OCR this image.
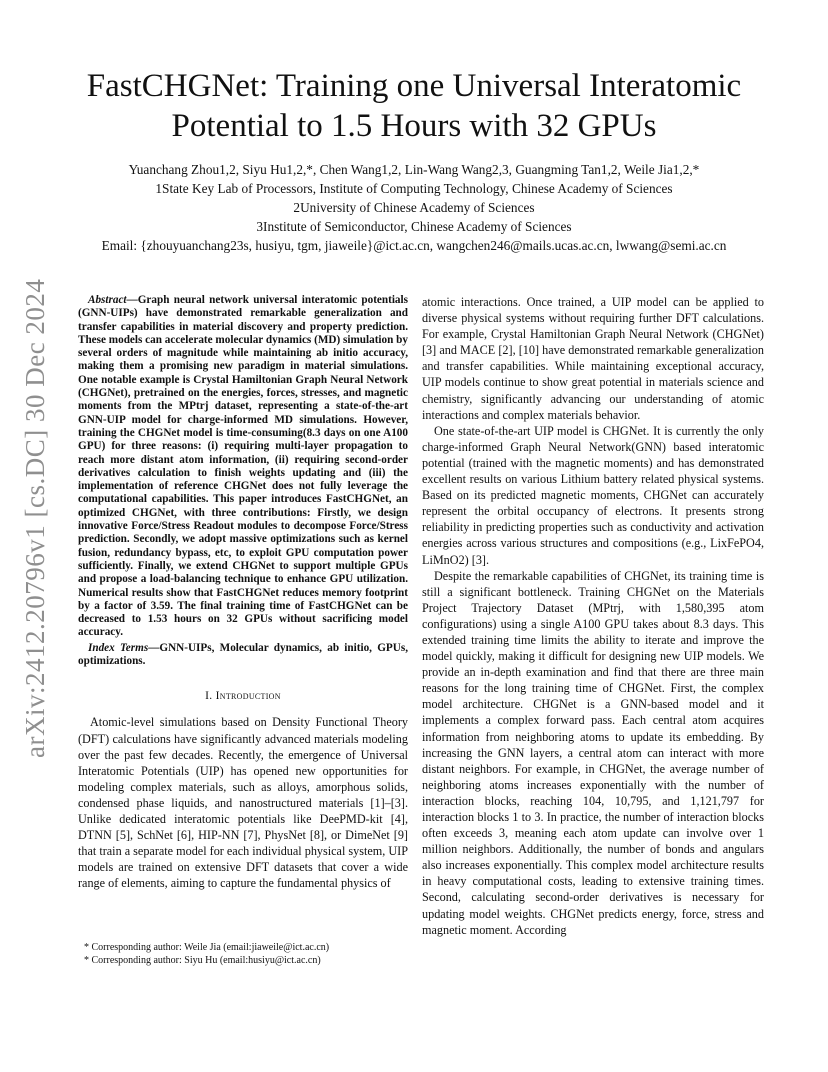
arXiv:2412.20796v1 [cs.DC] 30 Dec 2024
FastCHGNet: Training one Universal Interatomic
Potential to 1.5 Hours with 32 GPUs
Yuanchang Zhou1,2, Siyu Hu1,2,*, Chen Wang1,2, Lin-Wang Wang2,3, Guangming Tan1,2, Weile Jia1,2,*
1State Key Lab of Processors, Institute of Computing Technology, Chinese Academy of Sciences
2University of Chinese Academy of Sciences
3Institute of Semiconductor, Chinese Academy of Sciences
Email: {zhouyuanchang23s, husiyu, tgm, jiaweile}@ict.ac.cn, wangchen246@mails.ucas.ac.cn, lwwang@semi.ac.cn

Abstract—Graph neural network universal interatomic potentials (GNN-UIPs) have demonstrated remarkable generalization and transfer capabilities in material discovery and property prediction. These models can accelerate molecular dynamics (MD) simulation by several orders of magnitude while maintaining ab initio accuracy, making them a promising new paradigm in material simulations. One notable example is Crystal Hamiltonian Graph Neural Network (CHGNet), pretrained on the energies, forces, stresses, and magnetic moments from the MPtrj dataset, representing a state-of-the-art GNN-UIP model for charge-informed MD simulations. However, training the CHGNet model is time-consuming(8.3 days on one A100 GPU) for three reasons: (i) requiring multi-layer propagation to reach more distant atom information, (ii) requiring second-order derivatives calculation to finish weights updating and (iii) the implementation of reference CHGNet does not fully leverage the computational capabilities. This paper introduces FastCHGNet, an optimized CHGNet, with three contributions: Firstly, we design innovative Force/Stress Readout modules to decompose Force/Stress prediction. Secondly, we adopt massive optimizations such as kernel fusion, redundancy bypass, etc, to exploit GPU computation power sufficiently. Finally, we extend CHGNet to support multiple GPUs and propose a load-balancing technique to enhance GPU utilization. Numerical results show that FastCHGNet reduces memory footprint by a factor of 3.59. The final training time of FastCHGNet can be decreased to 1.53 hours on 32 GPUs without sacrificing model accuracy.

Index Terms—GNN-UIPs, Molecular dynamics, ab initio, GPUs, optimizations.

I. Introduction

Atomic-level simulations based on Density Functional Theory (DFT) calculations have significantly advanced materials modeling over the past few decades. Recently, the emergence of Universal Interatomic Potentials (UIP) has opened new opportunities for modeling complex materials, such as alloys, amorphous solids, condensed phase liquids, and nanostructured materials [1]–[3]. Unlike dedicated interatomic potentials like DeePMD-kit [4], DTNN [5], SchNet [6], HIP-NN [7], PhysNet [8], or DimeNet [9] that train a separate model for each individual physical system, UIP models are trained on extensive DFT datasets that cover a wide range of elements, aiming to capture the fundamental physics of

atomic interactions. Once trained, a UIP model can be applied to diverse physical systems without requiring further DFT calculations. For example, Crystal Hamiltonian Graph Neural Network (CHGNet) [3] and MACE [2], [10] have demonstrated remarkable generalization and transfer capabilities. While maintaining exceptional accuracy, UIP models continue to show great potential in materials science and chemistry, significantly advancing our understanding of atomic interactions and complex materials behavior.

One state-of-the-art UIP model is CHGNet. It is currently the only charge-informed Graph Neural Network(GNN) based interatomic potential (trained with the magnetic moments) and has demonstrated excellent results on various Lithium battery related physical systems. Based on its predicted magnetic moments, CHGNet can accurately represent the orbital occupancy of electrons. It presents strong reliability in predicting properties such as conductivity and activation energies across various structures and compositions (e.g., LixFePO4, LiMnO2) [3].

Despite the remarkable capabilities of CHGNet, its training time is still a significant bottleneck. Training CHGNet on the Materials Project Trajectory Dataset (MPtrj, with 1,580,395 atom configurations) using a single A100 GPU takes about 8.3 days. This extended training time limits the ability to iterate and improve the model quickly, making it difficult for designing new UIP models. We provide an in-depth examination and find that there are three main reasons for the long training time of CHGNet. First, the complex model architecture. CHGNet is a GNN-based model and it implements a complex forward pass. Each central atom acquires information from neighboring atoms to update its embedding. By increasing the GNN layers, a central atom can interact with more distant neighbors. For example, in CHGNet, the average number of neighboring atoms increases exponentially with the number of interaction blocks, reaching 104, 10,795, and 1,121,797 for interaction blocks 1 to 3. In practice, the number of interaction blocks often exceeds 3, meaning each atom update can involve over 1 million neighbors. Additionally, the number of bonds and angulars also increases exponentially. This complex model architecture results in heavy computational costs, leading to extensive training times. Second, calculating second-order derivatives is necessary for updating model weights. CHGNet predicts energy, force, stress and magnetic moment. According

* Corresponding author: Weile Jia (email:jiaweile@ict.ac.cn)
* Corresponding author: Siyu Hu (email:husiyu@ict.ac.cn)
